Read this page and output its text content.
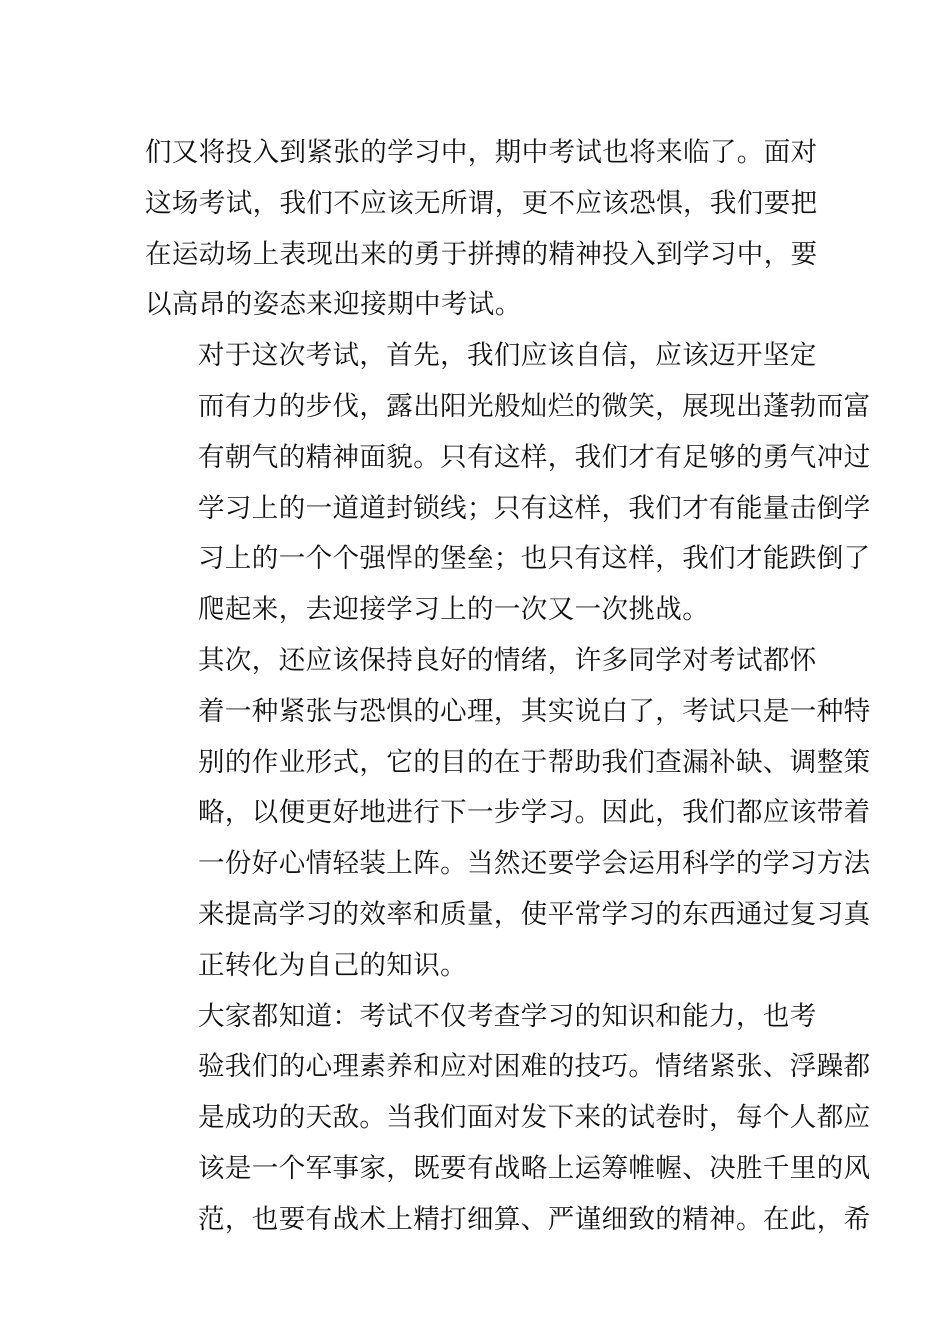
们又将投入到紧张的学习中，期中考试也将来临了。面对
这场考试，我们不应该无所谓，更不应该恐惧，我们要把
在运动场上表现出来的勇于拼搏的精神投入到学习中，要
以高昂的姿态来迎接期中考试。
对于这次考试，首先，我们应该自信，应该迈开坚定
而有力的步伐，露出阳光般灿烂的微笑，展现出蓬勃而富
有朝气的精神面貌。只有这样，我们才有足够的勇气冲过
学习上的一道道封锁线；只有这样，我们才有能量击倒学
习上的一个个强悍的堡垒；也只有这样，我们才能跌倒了
爬起来，去迎接学习上的一次又一次挑战。
其次，还应该保持良好的情绪，许多同学对考试都怀
着一种紧张与恐惧的心理，其实说白了，考试只是一种特
别的作业形式，它的目的在于帮助我们查漏补缺、调整策
略，以便更好地进行下一步学习。因此，我们都应该带着
一份好心情轻装上阵。当然还要学会运用科学的学习方法
来提高学习的效率和质量，使平常学习的东西通过复习真
正转化为自己的知识。
大家都知道：考试不仅考查学习的知识和能力，也考
验我们的心理素养和应对困难的技巧。情绪紧张、浮躁都
是成功的天敌。当我们面对发下来的试卷时，每个人都应
该是一个军事家，既要有战略上运筹帷幄、决胜千里的风
范，也要有战术上精打细算、严谨细致的精神。在此，希
